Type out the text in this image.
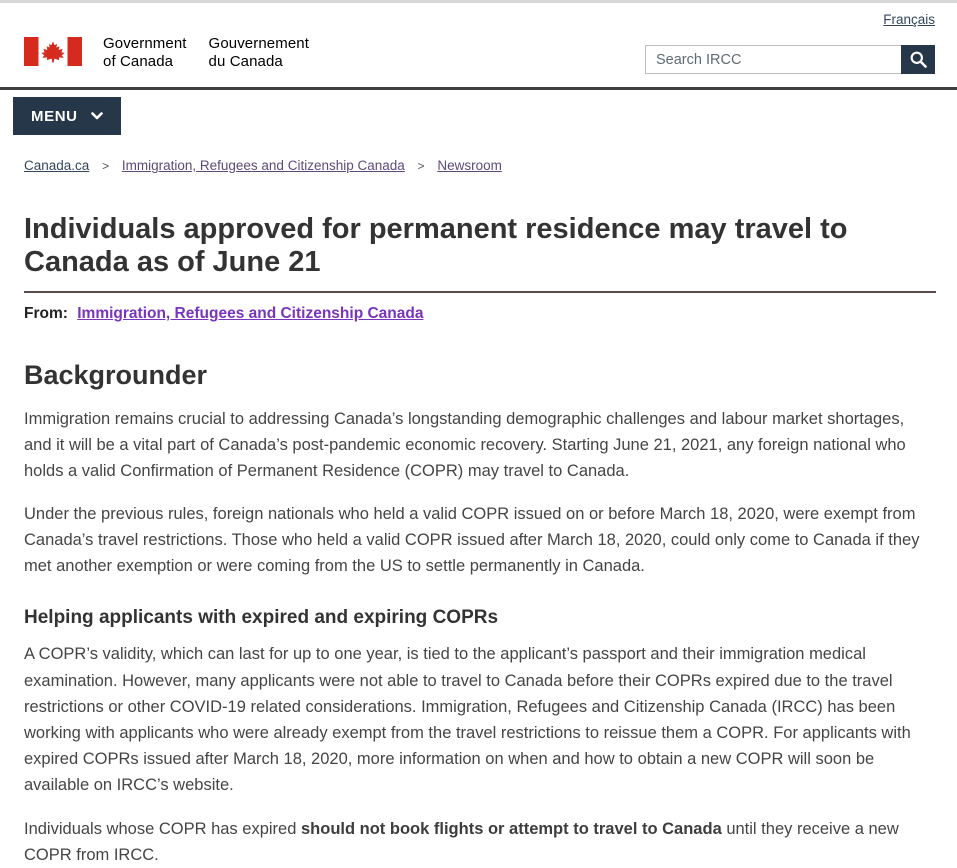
Français
Government
of Canada
Gouvernement
du Canada
Search IRCC
MENU
Canada.ca > Immigration, Refugees and Citizenship Canada > Newsroom
Individuals approved for permanent residence may travel to Canada as of June 21

From: Immigration, Refugees and Citizenship Canada

Backgrounder

Immigration remains crucial to addressing Canada’s longstanding demographic challenges and labour market shortages, and it will be a vital part of Canada’s post-pandemic economic recovery. Starting June 21, 2021, any foreign national who holds a valid Confirmation of Permanent Residence (COPR) may travel to Canada.

Under the previous rules, foreign nationals who held a valid COPR issued on or before March 18, 2020, were exempt from Canada’s travel restrictions. Those who held a valid COPR issued after March 18, 2020, could only come to Canada if they met another exemption or were coming from the US to settle permanently in Canada.

Helping applicants with expired and expiring COPRs

A COPR’s validity, which can last for up to one year, is tied to the applicant’s passport and their immigration medical examination. However, many applicants were not able to travel to Canada before their COPRs expired due to the travel restrictions or other COVID-19 related considerations. Immigration, Refugees and Citizenship Canada (IRCC) has been working with applicants who were already exempt from the travel restrictions to reissue them a COPR. For applicants with expired COPRs issued after March 18, 2020, more information on when and how to obtain a new COPR will soon be available on IRCC’s website.

Individuals whose COPR has expired should not book flights or attempt to travel to Canada until they receive a new COPR from IRCC.
